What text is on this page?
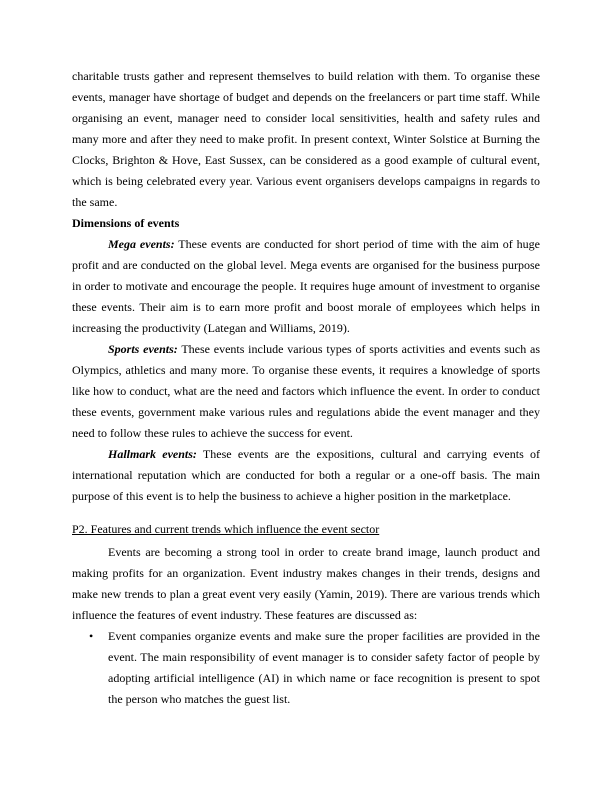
charitable trusts gather and represent themselves to build relation with them. To organise these events, manager have shortage of budget and depends on the freelancers or part time staff. While organising an event, manager need to consider local sensitivities, health and safety rules and many more and after they need to make profit. In present context, Winter Solstice at Burning the Clocks, Brighton & Hove, East Sussex, can be considered as a good example of cultural event, which is being celebrated every year. Various event organisers develops campaigns in regards to the same.

Dimensions of events

Mega events: These events are conducted for short period of time with the aim of huge profit and are conducted on the global level. Mega events are organised for the business purpose in order to motivate and encourage the people. It requires huge amount of investment to organise these events. Their aim is to earn more profit and boost morale of employees which helps in increasing the productivity (Lategan and Williams, 2019).

Sports events: These events include various types of sports activities and events such as Olympics, athletics and many more. To organise these events, it requires a knowledge of sports like how to conduct, what are the need and factors which influence the event. In order to conduct these events, government make various rules and regulations abide the event manager and they need to follow these rules to achieve the success for event.

Hallmark events: These events are the expositions, cultural and carrying events of international reputation which are conducted for both a regular or a one-off basis. The main purpose of this event is to help the business to achieve a higher position in the marketplace.

P2. Features and current trends which influence the event sector

Events are becoming a strong tool in order to create brand image, launch product and making profits for an organization. Event industry makes changes in their trends, designs and make new trends to plan a great event very easily (Yamin, 2019). There are various trends which influence the features of event industry. These features are discussed as:

• Event companies organize events and make sure the proper facilities are provided in the event. The main responsibility of event manager is to consider safety factor of people by adopting artificial intelligence (AI) in which name or face recognition is present to spot the person who matches the guest list.
